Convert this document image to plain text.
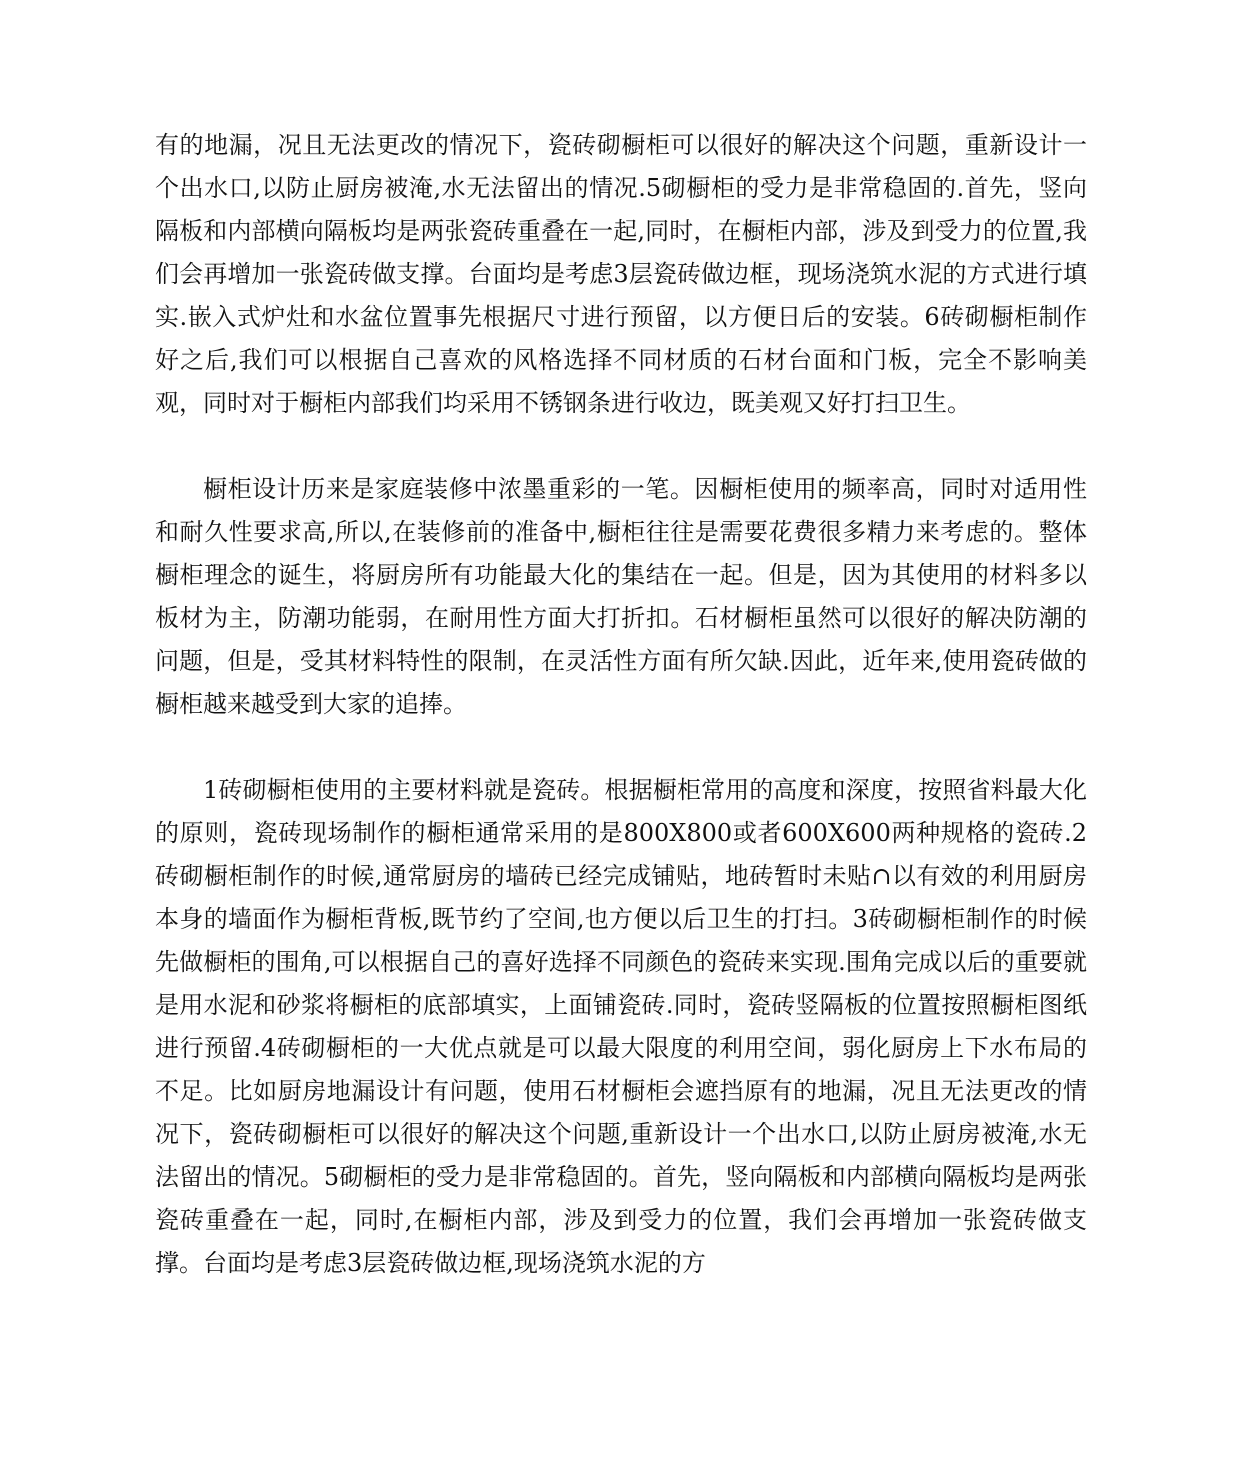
有的地漏，况且无法更改的情况下，瓷砖砌橱柜可以很好的解决这个问题，重新设计一个出水口,以防止厨房被淹,水无法留出的情况.5砌橱柜的受力是非常稳固的.首先，竖向隔板和内部横向隔板均是两张瓷砖重叠在一起,同时，在橱柜内部，涉及到受力的位置,我们会再增加一张瓷砖做支撑。台面均是考虑3层瓷砖做边框，现场浇筑水泥的方式进行填实.嵌入式炉灶和水盆位置事先根据尺寸进行预留，以方便日后的安装。6砖砌橱柜制作好之后,我们可以根据自己喜欢的风格选择不同材质的石材台面和门板，完全不影响美观，同时对于橱柜内部我们均采用不锈钢条进行收边，既美观又好打扫卫生。

橱柜设计历来是家庭装修中浓墨重彩的一笔。因橱柜使用的频率高，同时对适用性和耐久性要求高,所以,在装修前的准备中,橱柜往往是需要花费很多精力来考虑的。整体橱柜理念的诞生，将厨房所有功能最大化的集结在一起。但是，因为其使用的材料多以板材为主，防潮功能弱，在耐用性方面大打折扣。石材橱柜虽然可以很好的解决防潮的问题，但是，受其材料特性的限制，在灵活性方面有所欠缺.因此，近年来,使用瓷砖做的橱柜越来越受到大家的追捧。

1砖砌橱柜使用的主要材料就是瓷砖。根据橱柜常用的高度和深度，按照省料最大化的原则，瓷砖现场制作的橱柜通常采用的是800X800或者600X600两种规格的瓷砖.2砖砌橱柜制作的时候,通常厨房的墙砖已经完成铺贴，地砖暂时未贴∩以有效的利用厨房本身的墙面作为橱柜背板,既节约了空间,也方便以后卫生的打扫。3砖砌橱柜制作的时候先做橱柜的围角,可以根据自己的喜好选择不同颜色的瓷砖来实现.围角完成以后的重要就是用水泥和砂浆将橱柜的底部填实，上面铺瓷砖.同时，瓷砖竖隔板的位置按照橱柜图纸进行预留.4砖砌橱柜的一大优点就是可以最大限度的利用空间，弱化厨房上下水布局的不足。比如厨房地漏设计有问题，使用石材橱柜会遮挡原有的地漏，况且无法更改的情况下，瓷砖砌橱柜可以很好的解决这个问题,重新设计一个出水口,以防止厨房被淹,水无法留出的情况。5砌橱柜的受力是非常稳固的。首先，竖向隔板和内部横向隔板均是两张瓷砖重叠在一起，同时,在橱柜内部，涉及到受力的位置，我们会再增加一张瓷砖做支撑。台面均是考虑3层瓷砖做边框,现场浇筑水泥的方
